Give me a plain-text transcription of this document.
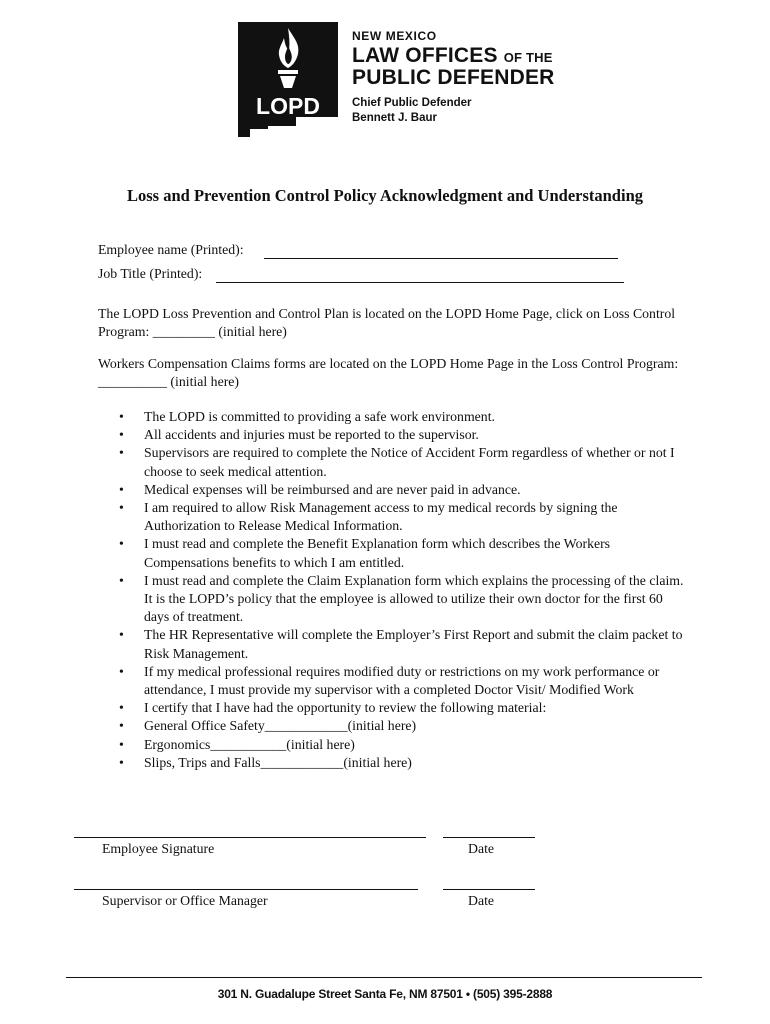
LOPD
NEW MEXICO
LAW OFFICES OF THE
PUBLIC DEFENDER
Chief Public Defender
Bennett J. Baur
Loss and Prevention Control Policy Acknowledgment and Understanding
Employee name (Printed):
Job Title (Printed):
The LOPD Loss Prevention and Control Plan is located on the LOPD Home Page, click on Loss Control Program: _________ (initial here)
Workers Compensation Claims forms are located on the LOPD Home Page in the Loss Control Program: __________ (initial here)
• The LOPD is committed to providing a safe work environment.
• All accidents and injuries must be reported to the supervisor.
• Supervisors are required to complete the Notice of Accident Form regardless of whether or not I choose to seek medical attention.
• Medical expenses will be reimbursed and are never paid in advance.
• I am required to allow Risk Management access to my medical records by signing the Authorization to Release Medical Information.
• I must read and complete the Benefit Explanation form which describes the Workers Compensations benefits to which I am entitled.
• I must read and complete the Claim Explanation form which explains the processing of the claim. It is the LOPD’s policy that the employee is allowed to utilize their own doctor for the first 60 days of treatment.
• The HR Representative will complete the Employer’s First Report and submit the claim packet to Risk Management.
• If my medical professional requires modified duty or restrictions on my work performance or attendance, I must provide my supervisor with a completed Doctor Visit/ Modified Work
• I certify that I have had the opportunity to review the following material:
• General Office Safety____________(initial here)
• Ergonomics___________(initial here)
• Slips, Trips and Falls____________(initial here)
Employee Signature	Date
Supervisor or Office Manager	Date
301 N. Guadalupe Street Santa Fe, NM 87501 • (505) 395-2888
